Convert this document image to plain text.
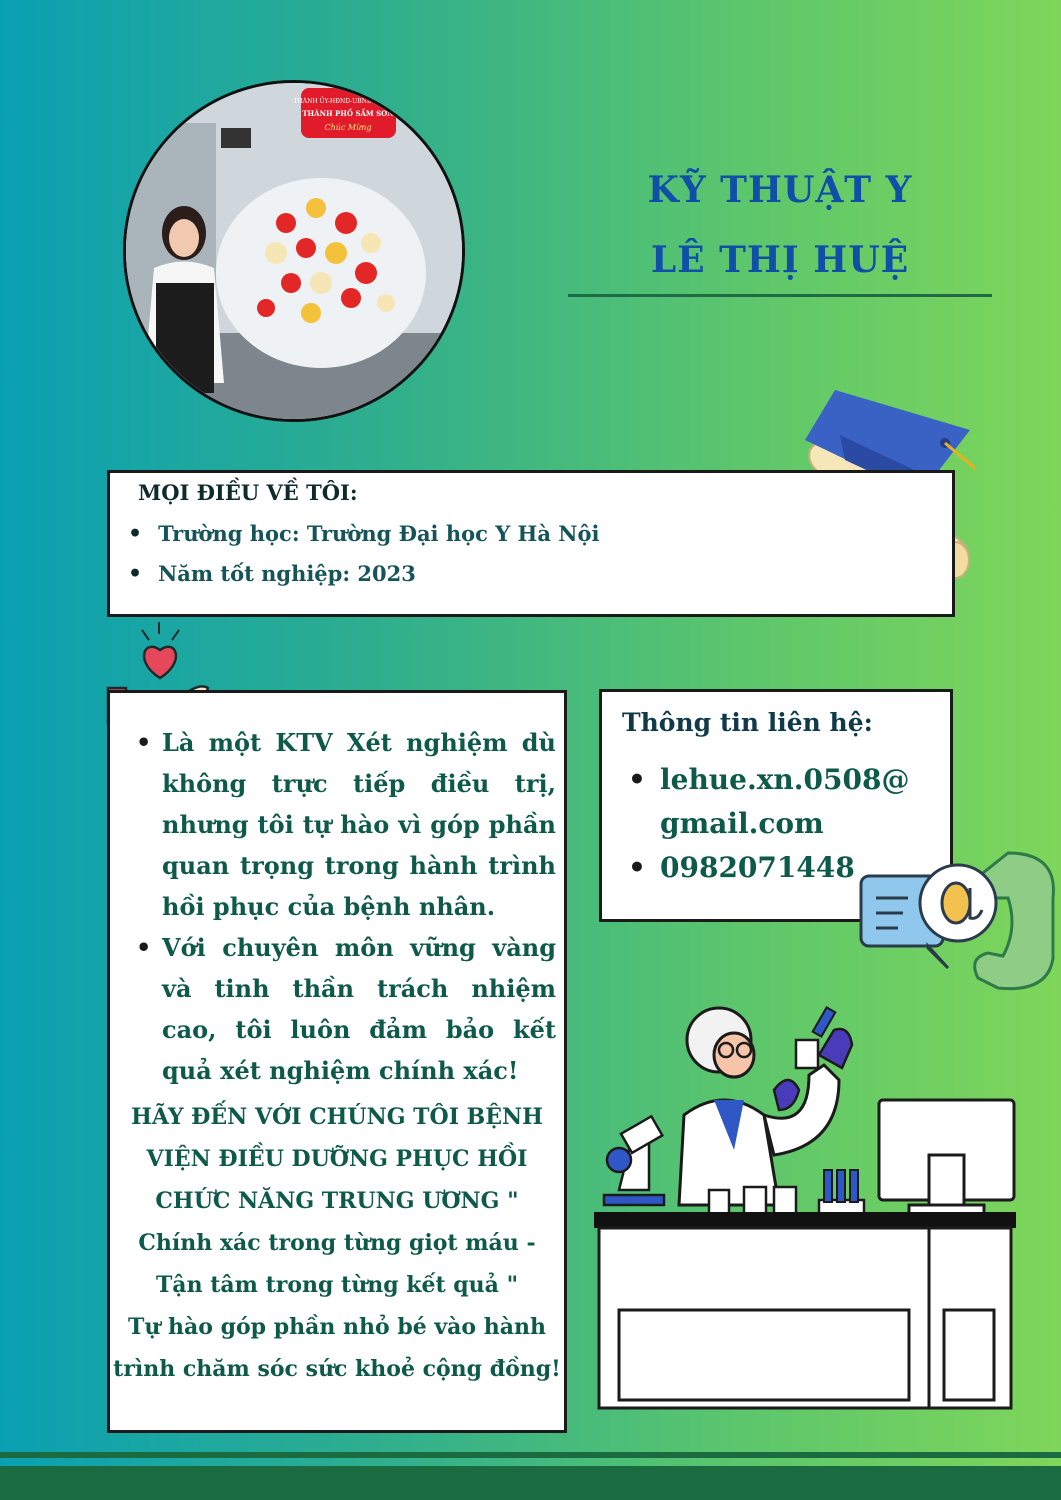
THÀNH ỦY-HĐND-UBND-UBMTTQ
THÀNH PHỐ SẦM SƠN
Chúc Mừng
KỸ THUẬT Y
LÊ THỊ HUỆ
MỌI ĐIỀU VỀ TÔI:
• Trường học: Trường Đại học Y Hà Nội
• Năm tốt nghiệp: 2023
• Là một KTV Xét nghiệm dù không trực tiếp điều trị, nhưng tôi tự hào vì góp phần quan trọng trong hành trình hồi phục của bệnh nhân.
• Với chuyên môn vững vàng và tinh thần trách nhiệm cao, tôi luôn đảm bảo kết quả xét nghiệm chính xác!
HÃY ĐẾN VỚI CHÚNG TÔI BỆNH VIỆN ĐIỀU DƯỠNG PHỤC HỒI CHỨC NĂNG TRUNG ƯƠNG "
Chính xác trong từng giọt máu - Tận tâm trong từng kết quả "
Tự hào góp phần nhỏ bé vào hành trình chăm sóc sức khoẻ cộng đồng!
Thông tin liên hệ:
• lehue.xn.0508@ gmail.com
• 0982071448
